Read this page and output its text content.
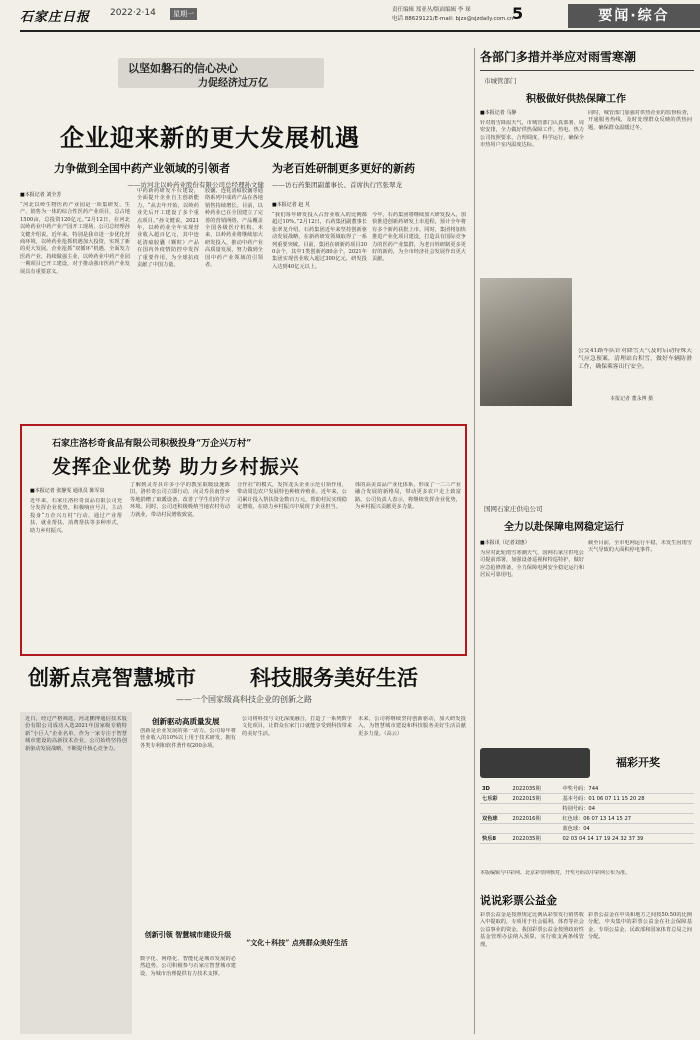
石家庄日报 2022·2·14	星期一	责任编辑 郑亚丛/版面编辑 李 琛
电话 88629121/E-mail: bjzx@sjzdaily.com.cn
5	要闻·综合
以坚如磐石的信心决心
力促经济过万亿
企业迎来新的更大发展机遇
力争做到全国中药产业领域的引领者
——访河北以岭药业股份有限公司总经理孙文健
■本报记者 刘全芳
“河北以岭生物医药产业园是一项集研发、生产、销售为一体的综合性医药产业项目，总占地1500亩，总投资120亿元。”2月12日，在河北以岭药业中药产业产园开工现场，公司总经理孙文健介绍说。近年来，特别是我市进一步优化营商环境，以岭药业抢抓机遇加大投资，实现了新的更大发展。企业抢抓“双循环”机遇、全面发力医药产业，持续做强主业，以岭药业中药产业园一期项目已开工建设，对于推动我市医药产业发展具有重要意义。
中药新药研发平台建设，全面提升企业自主创新能力。“从去年开始，以岭药业先后开工建设了多个重点项目。”孙文健说，2021年，以岭药业全年实现营业收入超百亿元，其中连花清瘟胶囊（颗粒）产品在国内外疫情防控中发挥了重要作用，为全球抗疫贡献了中国力量。
胶囊、连花清瘟胶囊等通络系列中成药产品在各地销售持续增长。目前，以岭药业已在全国建立了完善的营销网络，产品覆盖全国各级医疗机构。未来，以岭药业将继续加大研发投入，推动中药产业高质量发展，努力做到全国中药产业领域的引领者。
为老百姓研制更多更好的新药
——访石药集团副董事长、首席执行官张翠龙
■本报记者 赵 芃
“我们每年研发投入占营业收入的比例都超过10%。”2月12日，石药集团副董事长张翠龙介绍。石药集团近年来坚持创新驱动发展战略，在新药研发领域取得了一系列重要突破。目前，集团在研新药项目300余个，其中1类创新药80余个。2021年集团实现营业收入超过300亿元，研发投入达到40亿元以上。
今年，石药集团将继续加大研发投入，加快推进创新药研发上市进程，预计全年将有多个新药获批上市。同时，集团将加快推进产业化项目建设，打造具有国际竞争力的医药产业集群，为老百姓研制更多更好的新药，为全市经济社会发展作出更大贡献。
石家庄洛杉奇食品有限公司积极投身“万企兴万村”
发挥企业优势 助力乡村振兴
■本报记者 张静雯 通讯员 陈军泉
近年来，石家庄洛杉奇食品有限公司充分发挥企业优势，积极响应号召，主动投身“万企兴万村”行动，通过产业帮扶、就业帮扶、消费帮扶等多种形式，助力乡村振兴。
了解到灵寿县许多小学的教室取暖设施陈旧，洛杉奇公司立即行动，向灵寿县南营乡等地捐赠了取暖设备，改善了学生们的学习环境。同时，公司还积极吸纳当地农村劳动力就业，带动村民增收致富。
合作社”的模式，发挥龙头企业示范引领作用，带动周边农户发展特色种植养殖业。近年来，公司累计投入帮扶资金数百万元，帮助村民实现稳定增收，在助力乡村振兴中展现了企业担当。
体的高美食品产业化体系，形成了一二三产业融合发展的新格局，带动更多农户走上致富路。公司负责人表示，将继续发挥企业优势，为乡村振兴贡献更多力量。
创新点亮智慧城市	科技服务美好生活
——一个国家级高科技企业的创新之路
近日，经过严格筛选，河北鹏博通信技术股份有限公司成功入选2021年国家级专精特新“小巨人”企业名单。作为一家专注于智慧城市建设的高新技术企业，公司始终坚持创新驱动发展战略，不断提升核心竞争力。
创新驱动高质量发展
创新是企业发展的第一动力。公司每年将营业收入的10%以上用于技术研发，拥有各类专利和软件著作权200余项。
创新引领 智慧城市建设升级
数字化、网络化、智能化是城市发展的必然趋势。公司积极参与石家庄智慧城市建设，为城市治理提供有力技术支撑。
公司将科技与文化深度融合，打造了一系列数字文化项目，让群众在家门口就能享受到科技带来的美好生活。
“文化＋科技” 点亮群众美好生活
未来，公司将继续坚持创新驱动，加大研发投入，为智慧城市建设和科技服务美好生活贡献更多力量。（高云）
各部门多措并举应对雨雪寒潮
市城管部门
积极做好供热保障工作
■本报记者 马静
针对雨雪降温天气，市城管部门认真部署、周密安排，全力做好供热保障工作。热电、热力公司按照要求，合理调度、科学运行，确保全市热用户室内温度达标。
同时，城管部门加强对供热企业的监督检查，开通服务热线，及时处理群众反映的供热问题，确保群众温暖过冬。
公交41路车队针对降雪天气及时启动特殊天气应急预案，清理站台积雪，做好车辆防滑工作，确保乘客出行安全。
本报记者 董永博 摄
国网石家庄供电公司
全力以赴保障电网稳定运行
■本报讯（记者刘惠）
为应对此轮雨雪寒潮天气，国网石家庄供电公司提前部署，加强设备巡视和特巡特护，做好应急抢修准备，全力保障电网安全稳定运行和居民可靠用电。
截至目前，全市电网运行平稳，未发生因雨雪天气导致的大面积停电事件。
福彩开奖
3D	2022035期	中奖号码：744
七乐彩	2022015期	基本号码：01 06 07 11 15 20 28
		特别号码：04
双色球	2022016期	红色球：06 07 13 14 15 27
		蓝色球：04
快乐8	2022035期	02 03 04 14 17 19 24 32 37 39
本版编辑与中彩网、北京彩票网核对，开奖号码以中彩网公布为准。
说说彩票公益金
彩票公益金是按照规定比例从彩票发行销售收入中提取的，专项用于社会福利、体育等社会公益事业的资金。我国彩票公益金按照政府性基金管理办法纳入预算，实行收支两条线管理。
彩票公益金在中央和地方之间按50:50的比例分配，中央集中的彩票公益金在社会保障基金、专项公益金、民政部和国家体育总局之间分配。
